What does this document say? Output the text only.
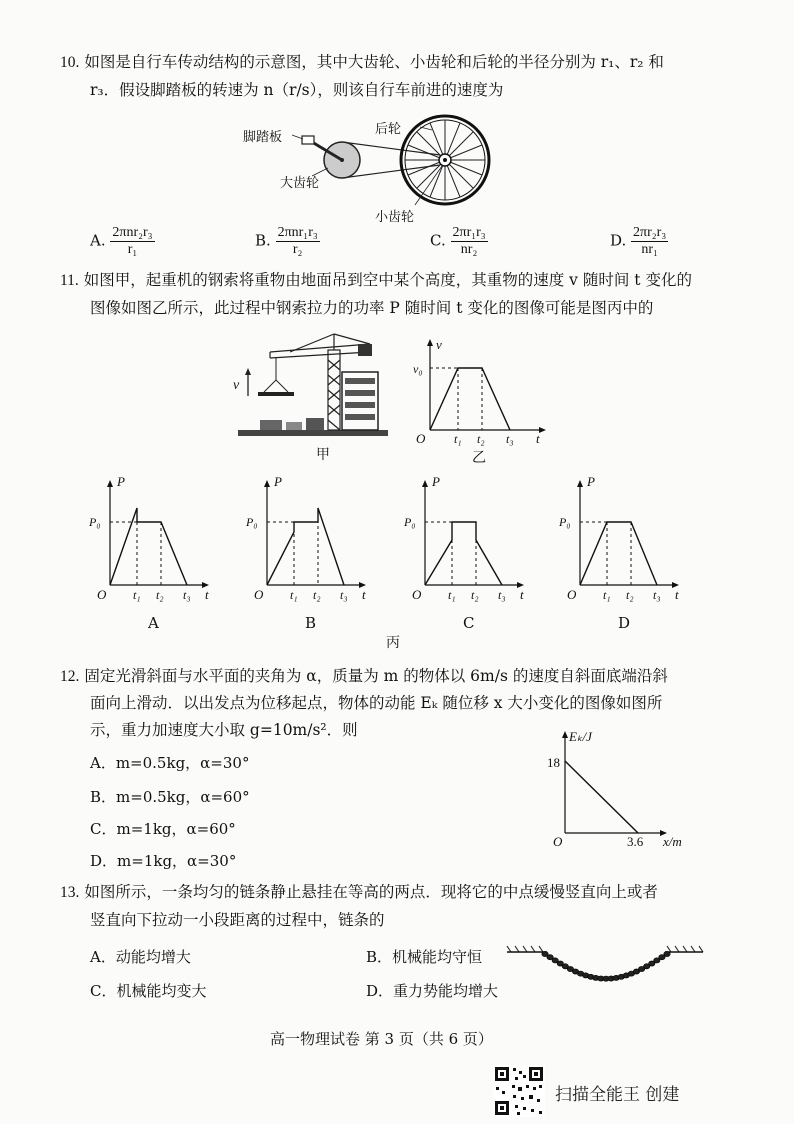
10. 如图是自行车传动结构的示意图，其中大齿轮、小齿轮和后轮的半径分别为 r₁、r₂ 和
r₃．假设脚踏板的转速为 n（r/s），则该自行车前进的速度为
脚踏板
后轮
大齿轮
小齿轮
A. $\frac{\text{2πnr₂r₃}}{\text{r₁}}$	B. $\frac{\text{2πnr₁r₃}}{\text{r₂}}$	C. $\frac{\text{2πr₁r₃}}{\text{nr₂}}$	D. $\frac{\text{2πr₂r₃}}{\text{nr₁}}$
11. 如图甲，起重机的钢索将重物由地面吊到空中某个高度，其重物的速度 v 随时间 t 变化的
图像如图乙所示，此过程中钢索拉力的功率 P 随时间 t 变化的图像可能是图丙中的
v
甲
t
v
v₀
O t₁ t₂ t₃
乙
P
P₀
O t₁ t₂ t₃ t
P
P₀
O t₁ t₂ t₃ t
P
P₀
O t₁ t₂ t₃ t
P
P₀
O t₁ t₂ t₃ t
A	B	C	D
丙
12. 固定光滑斜面与水平面的夹角为 α，质量为 m 的物体以 6m/s 的速度自斜面底端沿斜
面向上滑动．以出发点为位移起点，物体的动能 Eₖ 随位移 x 大小变化的图像如图所
示，重力加速度大小取 g=10m/s²．则
A．m=0.5kg，α=30°
B．m=0.5kg，α=60°
C．m=1kg，α=60°
D．m=1kg，α=30°
Eₖ/J
x/m
18
3.6
O
13. 如图所示，一条均匀的链条静止悬挂在等高的两点．现将它的中点缓慢竖直向上或者
竖直向下拉动一小段距离的过程中，链条的
A．动能均增大	B．机械能均守恒
C．机械能均变大	D．重力势能均增大
高一物理试卷 第 3 页（共 6 页）
扫描全能王 创建
